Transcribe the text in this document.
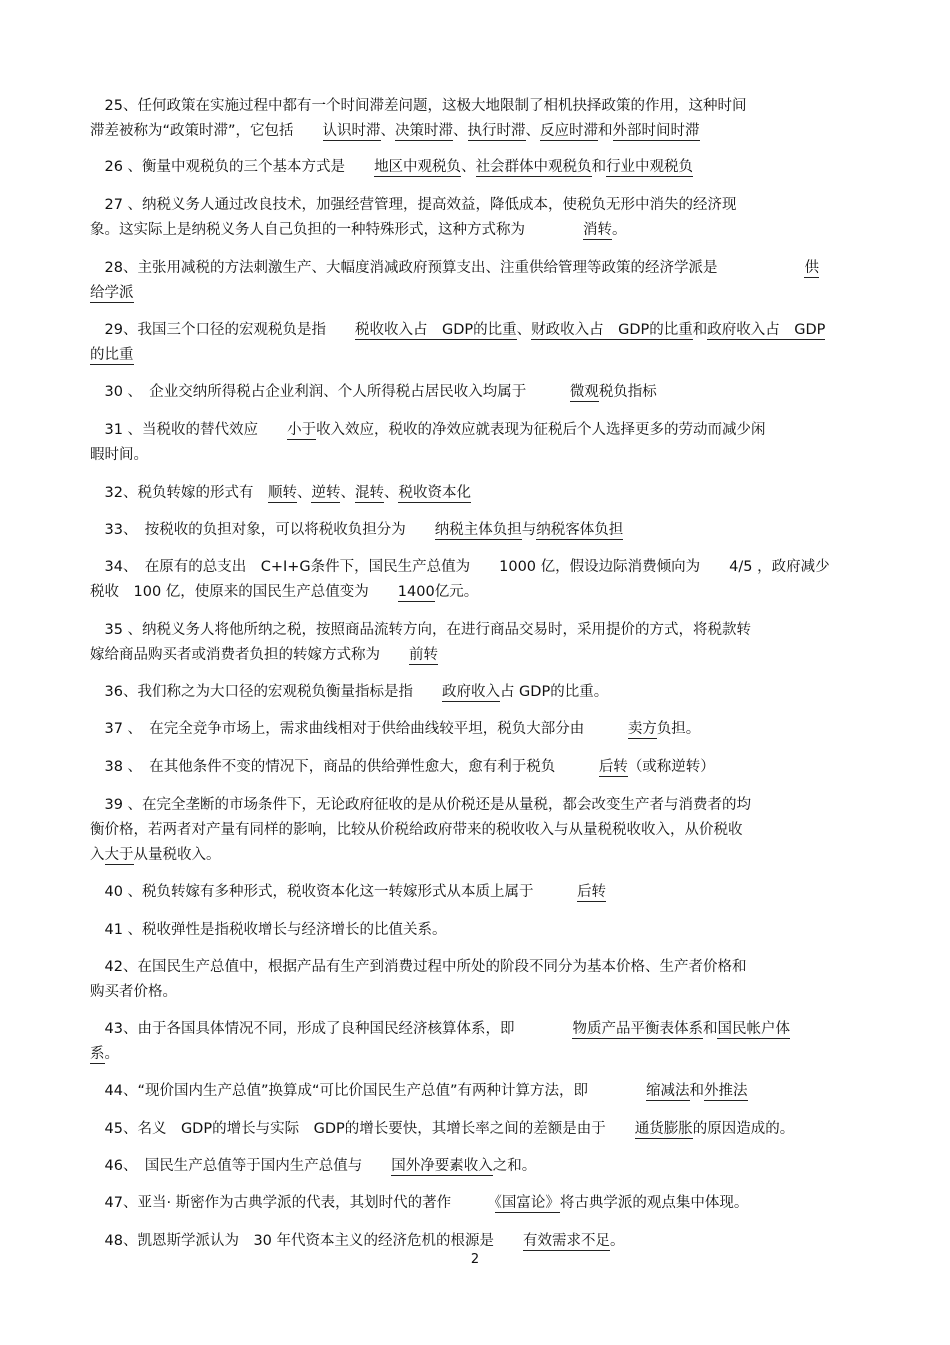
　25、任何政策在实施过程中都有一个时间滞差问题，这极大地限制了相机抉择政策的作用，这种时间

滞差被称为“政策时滞”，它包括　　认识时滞、决策时滞、执行时滞、反应时滞和外部时间时滞

　26 、衡量中观税负的三个基本方式是　　地区中观税负、社会群体中观税负和行业中观税负

　27 、纳税义务人通过改良技术，加强经营管理，提高效益，降低成本，使税负无形中消失的经济现

象。这实际上是纳税义务人自己负担的一种特殊形式，这种方式称为　　　　消转。

　28、主张用减税的方法刺激生产、大幅度消减政府预算支出、注重供给管理等政策的经济学派是　　　　　　供

给学派

　29、我国三个口径的宏观税负是指　　税收收入占　GDP的比重、财政收入占　GDP的比重和政府收入占　GDP

的比重

　30 、　企业交纳所得税占企业利润、个人所得税占居民收入均属于　　　微观税负指标

　31 、当税收的替代效应　　小于收入效应，税收的净效应就表现为征税后个人选择更多的劳动而减少闲

暇时间。

　32、税负转嫁的形式有　顺转、逆转、混转、税收资本化

　33、　按税收的负担对象，可以将税收负担分为　　纳税主体负担与纳税客体负担

　34、　在原有的总支出　C+I+G条件下，国民生产总值为　　1000 亿，假设边际消费倾向为　　4/5 ，政府减少

税收　100 亿，使原来的国民生产总值变为　　1400亿元。

　35 、纳税义务人将他所纳之税，按照商品流转方向，在进行商品交易时，采用提价的方式，将税款转

嫁给商品购买者或消费者负担的转嫁方式称为　　前转

　36、我们称之为大口径的宏观税负衡量指标是指　　政府收入占 GDP的比重。

　37 、　在完全竞争市场上，需求曲线相对于供给曲线较平坦，税负大部分由　　　卖方负担。

　38 、　在其他条件不变的情况下，商品的供给弹性愈大，愈有利于税负　　　后转（或称逆转）

　39 、在完全垄断的市场条件下，无论政府征收的是从价税还是从量税，都会改变生产者与消费者的均

衡价格，若两者对产量有同样的影响，比较从价税给政府带来的税收收入与从量税税收收入，从价税收

入大于从量税收入。

　40 、税负转嫁有多种形式，税收资本化这一转嫁形式从本质上属于　　　后转

　41 、税收弹性是指税收增长与经济增长的比值关系。

　42、在国民生产总值中，根据产品有生产到消费过程中所处的阶段不同分为基本价格、生产者价格和

购买者价格。

　43、由于各国具体情况不同，形成了良种国民经济核算体系，即　　　　物质产品平衡表体系和国民帐户体

系。

　44、“现价国内生产总值”换算成“可比价国民生产总值”有两种计算方法，即　　　　缩减法和外推法

　45、名义　GDP的增长与实际　GDP的增长要快，其增长率之间的差额是由于　　通货膨胀的原因造成的。

　46、　国民生产总值等于国内生产总值与　　国外净要素收入之和。

　47、亚当· 斯密作为古典学派的代表，其划时代的著作　　　《国富论》将古典学派的观点集中体现。

　48、凯恩斯学派认为　30 年代资本主义的经济危机的根源是　　有效需求不足。

2
